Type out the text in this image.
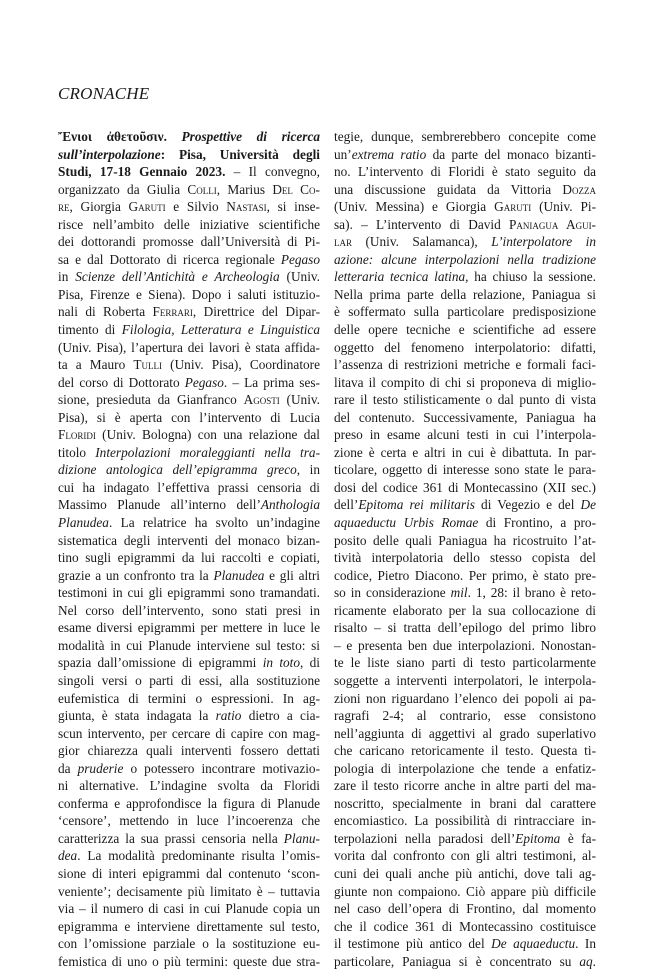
CRONACHE
Ἔνιοι ἀθετοῦσιν. Prospettive di ricerca
sull’interpolazione: Pisa, Università degli
Studi, 17-18 Gennaio 2023. – Il convegno,
organizzato da Giulia Colli, Marius Del Co-
re, Giorgia Garuti e Silvio Nastasi, si inse-
risce nell’ambito delle iniziative scientifiche
dei dottorandi promosse dall’Università di Pi-
sa e dal Dottorato di ricerca regionale Pegaso
in Scienze dell’Antichità e Archeologia (Univ.
Pisa, Firenze e Siena). Dopo i saluti istituzio-
nali di Roberta Ferrari, Direttrice del Dipar-
timento di Filologia, Letteratura e Linguistica
(Univ. Pisa), l’apertura dei lavori è stata affida-
ta a Mauro Tulli (Univ. Pisa), Coordinatore
del corso di Dottorato Pegaso. – La prima ses-
sione, presieduta da Gianfranco Agosti (Univ.
Pisa), si è aperta con l’intervento di Lucia
Floridi (Univ. Bologna) con una relazione dal
titolo Interpolazioni moraleggianti nella tra-
dizione antologica dell’epigramma greco, in
cui ha indagato l’effettiva prassi censoria di
Massimo Planude all’interno dell’Anthologia
Planudea. La relatrice ha svolto un’indagine
sistematica degli interventi del monaco bizan-
tino sugli epigrammi da lui raccolti e copiati,
grazie a un confronto tra la Planudea e gli altri
testimoni in cui gli epigrammi sono tramandati.
Nel corso dell’intervento, sono stati presi in
esame diversi epigrammi per mettere in luce le
modalità in cui Planude interviene sul testo: si
spazia dall’omissione di epigrammi in toto, di
singoli versi o parti di essi, alla sostituzione
eufemistica di termini o espressioni. In ag-
giunta, è stata indagata la ratio dietro a cia-
scun intervento, per cercare di capire con mag-
gior chiarezza quali interventi fossero dettati
da pruderie o potessero incontrare motivazio-
ni alternative. L’indagine svolta da Floridi
conferma e approfondisce la figura di Planude
‘censore’, mettendo in luce l’incoerenza che
caratterizza la sua prassi censoria nella Planu-
dea. La modalità predominante risulta l’omis-
sione di interi epigrammi dal contenuto ‘scon-
veniente’; decisamente più limitato è – tuttavia
via – il numero di casi in cui Planude copia un
epigramma e interviene direttamente sul testo,
con l’omissione parziale o la sostituzione eu-
femistica di uno o più termini: queste due stra-
tegie, dunque, sembrerebbero concepite come
un’extrema ratio da parte del monaco bizanti-
no. L’intervento di Floridi è stato seguito da
una discussione guidata da Vittoria Dozza
(Univ. Messina) e Giorgia Garuti (Univ. Pi-
sa). – L’intervento di David Paniagua Agui-
lar (Univ. Salamanca), L’interpolatore in
azione: alcune interpolazioni nella tradizione
letteraria tecnica latina, ha chiuso la sessione.
Nella prima parte della relazione, Paniagua si
è soffermato sulla particolare predisposizione
delle opere tecniche e scientifiche ad essere
oggetto del fenomeno interpolatorio: difatti,
l’assenza di restrizioni metriche e formali faci-
litava il compito di chi si proponeva di miglio-
rare il testo stilisticamente o dal punto di vista
del contenuto. Successivamente, Paniagua ha
preso in esame alcuni testi in cui l’interpola-
zione è certa e altri in cui è dibattuta. In par-
ticolare, oggetto di interesse sono state le para-
dosi del codice 361 di Montecassino (XII sec.)
dell’Epitoma rei militaris di Vegezio e del De
aquaeductu Urbis Romae di Frontino, a pro-
posito delle quali Paniagua ha ricostruito l’at-
tività interpolatoria dello stesso copista del
codice, Pietro Diacono. Per primo, è stato pre-
so in considerazione mil. 1, 28: il brano è reto-
ricamente elaborato per la sua collocazione di
risalto – si tratta dell’epilogo del primo libro
– e presenta ben due interpolazioni. Nonostan-
te le liste siano parti di testo particolarmente
soggette a interventi interpolatori, le interpola-
zioni non riguardano l’elenco dei popoli ai pa-
ragrafi 2-4; al contrario, esse consistono
nell’aggiunta di aggettivi al grado superlativo
che caricano retoricamente il testo. Questa ti-
pologia di interpolazione che tende a enfatiz-
zare il testo ricorre anche in altre parti del ma-
noscritto, specialmente in brani dal carattere
encomiastico. La possibilità di rintracciare in-
terpolazioni nella paradosi dell’Epitoma è fa-
vorita dal confronto con gli altri testimoni, al-
cuni dei quali anche più antichi, dove tali ag-
giunte non compaiono. Ciò appare più difficile
nel caso dell’opera di Frontino, dal momento
che il codice 361 di Montecassino costituisce
il testimone più antico del De aquaeductu. In
particolare, Paniagua si è concentrato su aq.
